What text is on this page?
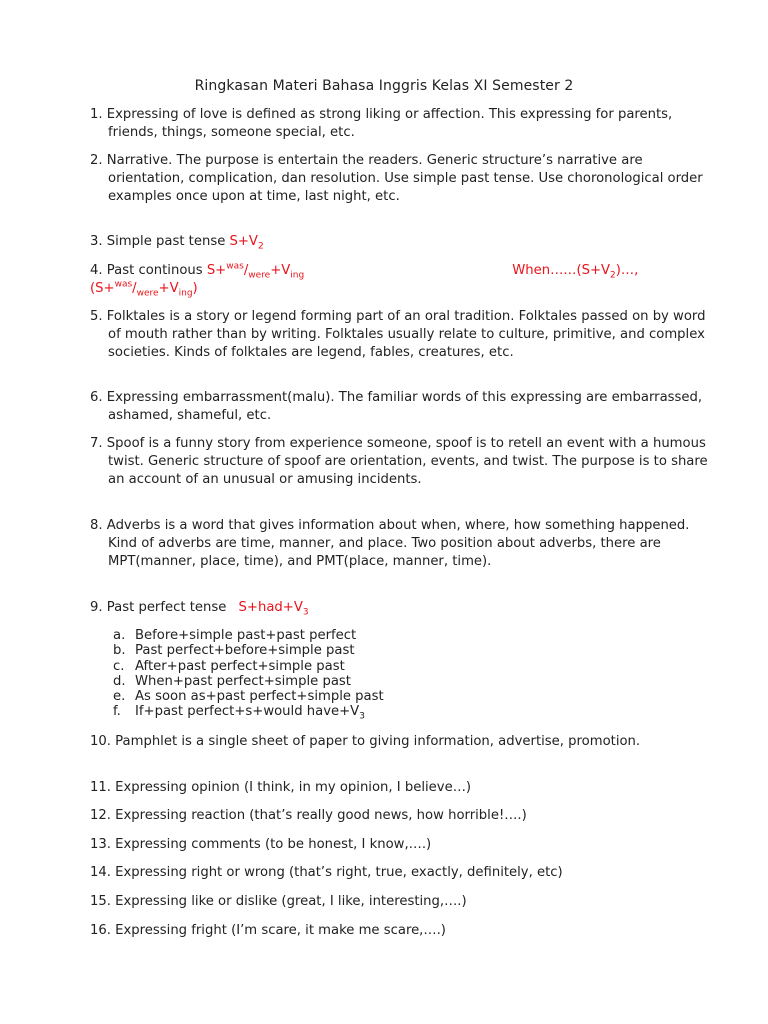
Ringkasan Materi Bahasa Inggris Kelas XI Semester 2
1. Expressing of love is defined as strong liking or affection. This expressing for parents, friends, things, someone special, etc.
2. Narrative. The purpose is entertain the readers. Generic structure’s narrative are orientation, complication, dan resolution. Use simple past tense. Use choronological order examples once upon at time, last night, etc.
3. Simple past tense $S+V_2$
4. Past continous $S+^{was}/_{were}+V_{ing}$	$When\dots\dots(S+V_2)\dots$,
$(S+^{was}/_{were}+V_{ing})$
5. Folktales is a story or legend forming part of an oral tradition. Folktales passed on by word of mouth rather than by writing. Folktales usually relate to culture, primitive, and complex societies. Kinds of folktales are legend, fables, creatures, etc.
6. Expressing embarrassment(malu). The familiar words of this expressing are embarrassed, ashamed, shameful, etc.
7. Spoof is a funny story from experience someone, spoof is to retell an event with a humous twist. Generic structure of spoof are orientation, events, and twist. The purpose is to share an account of an unusual or amusing incidents.
8. Adverbs is a word that gives information about when, where, how something happened. Kind of adverbs are time, manner, and place. Two position about adverbs, there are MPT(manner, place, time), and PMT(place, manner, time).
9. Past perfect tense $S+had+V_3$
a. Before+simple past+past perfect
b. Past perfect+before+simple past
c. After+past perfect+simple past
d. When+past perfect+simple past
e. As soon as+past perfect+simple past
f.	If+past perfect+s+would $have+V_3$
10. Pamphlet is a single sheet of paper to giving information, advertise, promotion.
11. Expressing opinion (I think, in my opinion, I believe…)
12. Expressing reaction (that’s really good news, how horrible!….)
13. Expressing comments (to be honest, I know,….)
14. Expressing right or wrong (that’s right, true, exactly, definitely, etc)
15. Expressing like or dislike (great, I like, interesting,….)
16. Expressing fright (I’m scare, it make me scare,….)
